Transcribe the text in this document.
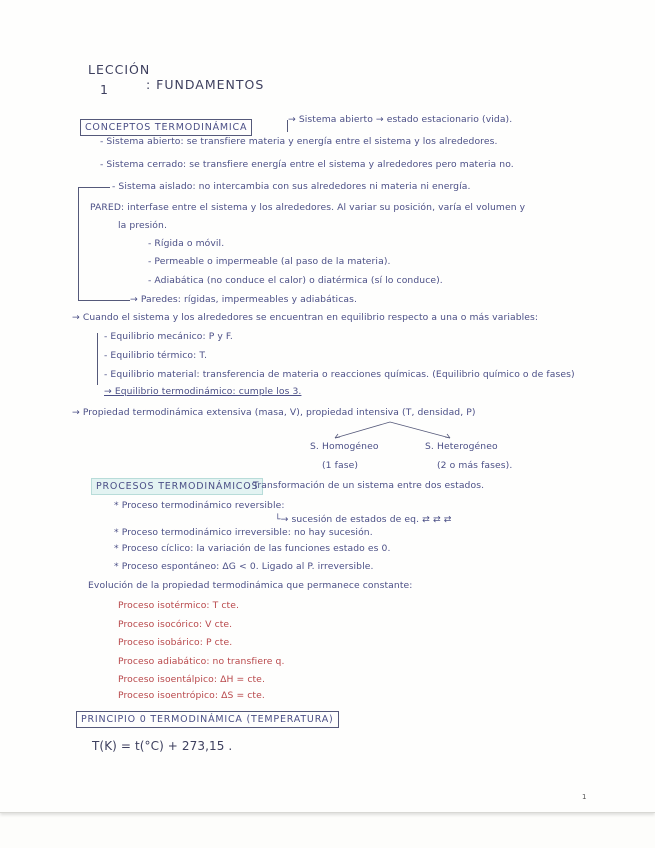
LECCIÓN
1	: FUNDAMENTOS
CONCEPTOS TERMODINÁMICA
→ Sistema abierto → estado estacionario (vida).
- Sistema abierto: se transfiere materia y energía entre el sistema y los alrededores.
- Sistema cerrado: se transfiere energía entre el sistema y alrededores pero materia no.
- Sistema aislado: no intercambia con sus alrededores ni materia ni energía.
PARED: interfase entre el sistema y los alrededores. Al variar su posición, varía el volumen y
la presión.
- Rígida o móvil.
- Permeable o impermeable (al paso de la materia).
- Adiabática (no conduce el calor) o diatérmica (sí lo conduce).
→ Paredes: rígidas, impermeables y adiabáticas.
→ Cuando el sistema y los alrededores se encuentran en equilibrio respecto a una o más variables:
- Equilibrio mecánico: P y F.
- Equilibrio térmico: T.
- Equilibrio material: transferencia de materia o reacciones químicas. (Equilibrio químico o de fases)
→ Equilibrio termodinámico: cumple los 3.
→ Propiedad termodinámica extensiva (masa, V), propiedad intensiva (T, densidad, P)
S. Homogéneo
(1 fase)
S. Heterogéneo
(2 o más fases).
PROCESOS TERMODINÁMICOS
. Transformación de un sistema entre dos estados.
* Proceso termodinámico reversible:
└→ sucesión de estados de eq. ⇄ ⇄ ⇄
* Proceso termodinámico irreversible: no hay sucesión.
* Proceso cíclico: la variación de las funciones estado es 0.
* Proceso espontáneo: ΔG < 0. Ligado al P. irreversible.
Evolución de la propiedad termodinámica que permanece constante:
Proceso isotérmico: T cte.
Proceso isocórico: V cte.
Proceso isobárico: P cte.
Proceso adiabático: no transfiere q.
Proceso isoentálpico: ΔH = cte.
Proceso isoentrópico: ΔS = cte.
PRINCIPIO 0 TERMODINÁMICA (TEMPERATURA)
T(K) = t(°C) + 273,15 .
1
